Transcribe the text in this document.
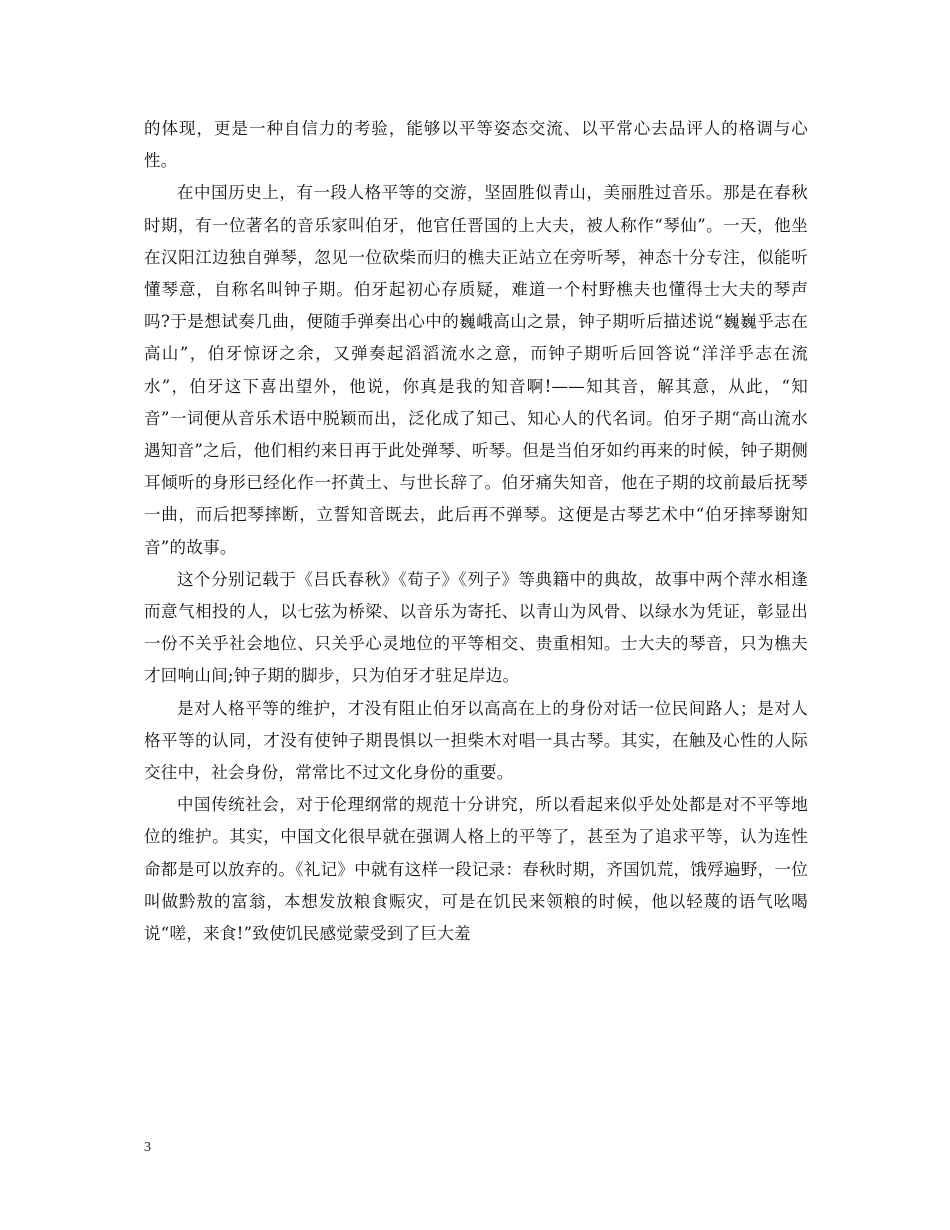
的体现，更是一种自信力的考验，能够以平等姿态交流、以平常心去品评人的格调与心性。

在中国历史上，有一段人格平等的交游，坚固胜似青山，美丽胜过音乐。那是在春秋时期，有一位著名的音乐家叫伯牙，他官任晋国的上大夫，被人称作“琴仙”。一天，他坐在汉阳江边独自弹琴，忽见一位砍柴而归的樵夫正站立在旁听琴，神态十分专注，似能听懂琴意，自称名叫钟子期。伯牙起初心存质疑，难道一个村野樵夫也懂得士大夫的琴声吗?于是想试奏几曲，便随手弹奏出心中的巍峨高山之景，钟子期听后描述说“巍巍乎志在高山”，伯牙惊讶之余，又弹奏起滔滔流水之意，而钟子期听后回答说“洋洋乎志在流水”，伯牙这下喜出望外，他说，你真是我的知音啊!——知其音，解其意，从此，“知音”一词便从音乐术语中脱颖而出，泛化成了知己、知心人的代名词。伯牙子期“高山流水遇知音”之后，他们相约来日再于此处弹琴、听琴。但是当伯牙如约再来的时候，钟子期侧耳倾听的身形已经化作一抔黄土、与世长辞了。伯牙痛失知音，他在子期的坟前最后抚琴一曲，而后把琴摔断，立誓知音既去，此后再不弹琴。这便是古琴艺术中“伯牙摔琴谢知音”的故事。

这个分别记载于《吕氏春秋》《荀子》《列子》等典籍中的典故，故事中两个萍水相逢而意气相投的人，以七弦为桥梁、以音乐为寄托、以青山为风骨、以绿水为凭证，彰显出一份不关乎社会地位、只关乎心灵地位的平等相交、贵重相知。士大夫的琴音，只为樵夫才回响山间;钟子期的脚步，只为伯牙才驻足岸边。

是对人格平等的维护，才没有阻止伯牙以高高在上的身份对话一位民间路人；是对人格平等的认同，才没有使钟子期畏惧以一担柴木对唱一具古琴。其实，在触及心性的人际交往中，社会身份，常常比不过文化身份的重要。

中国传统社会，对于伦理纲常的规范十分讲究，所以看起来似乎处处都是对不平等地位的维护。其实，中国文化很早就在强调人格上的平等了，甚至为了追求平等，认为连性命都是可以放弃的。《礼记》中就有这样一段记录：春秋时期，齐国饥荒，饿殍遍野，一位叫做黔敖的富翁，本想发放粮食赈灾，可是在饥民来领粮的时候，他以轻蔑的语气吆喝说“嗟，来食!”致使饥民感觉蒙受到了巨大羞

3
